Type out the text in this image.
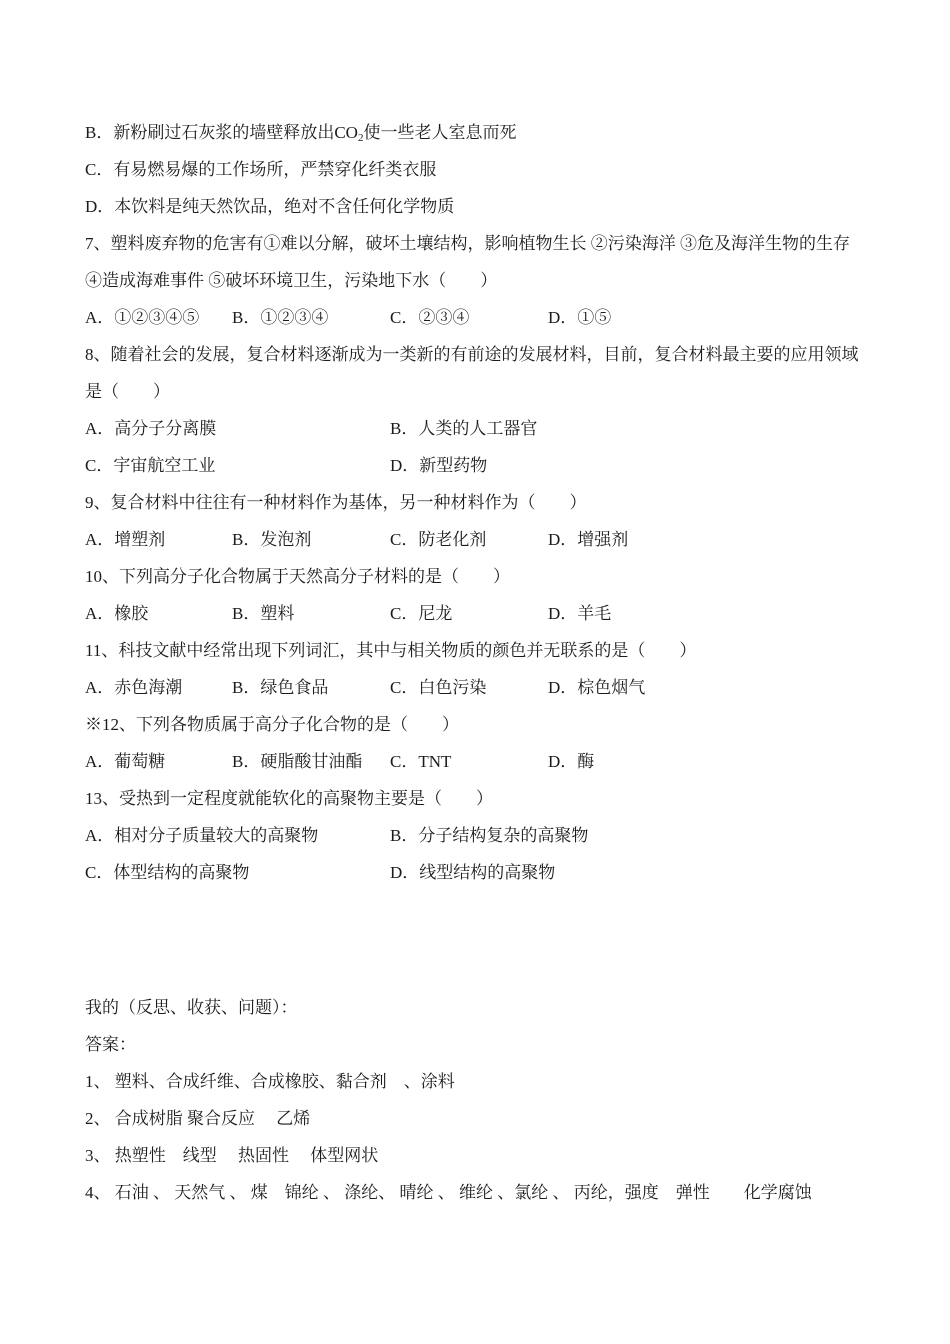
B．新粉刷过石灰浆的墙壁释放出$CO_2$使一些老人室息而死
C．有易燃易爆的工作场所，严禁穿化纤类衣服
D．本饮料是纯天然饮品，绝对不含任何化学物质
7、塑料废弃物的危害有①难以分解，破坏土壤结构，影响植物生长 ②污染海洋 ③危及海洋生物的生存
④造成海难事件 ⑤破坏环境卫生，污染地下水（　　）

A．①②③④⑤

B．①②③④

	C．②③④

	D．①⑤

8、随着社会的发展，复合材料逐渐成为一类新的有前途的发展材料，目前，复合材料最主要的应用领域
是（　　）

A．高分子分离膜

	B．人类的人工器官

C．宇宙航空工业

	D．新型药物

9、复合材料中往往有一种材料作为基体，另一种材料作为（　　）

A．增塑剂

	B．发泡剂

	C．防老化剂

	D．增强剂

10、下列高分子化合物属于天然高分子材料的是（　　）

A．橡胶

	B．塑料

	C．尼龙

	D．羊毛

11、科技文献中经常出现下列词汇，其中与相关物质的颜色并无联系的是（　　）

A．赤色海潮

	B．绿色食品

	C．白色污染

	D．棕色烟气

※12、下列各物质属于高分子化合物的是（　　）

A．葡萄糖

	B．硬脂酸甘油酯

C．TNT

	D．酶

13、受热到一定程度就能软化的高聚物主要是（　　）

A．相对分子质量较大的高聚物

	B．分子结构复杂的高聚物

C．体型结构的高聚物

	D．线型结构的高聚物

我的（反思、收获、问题）：
答案：
1、 塑料、合成纤维、合成橡胶、黏合剂　、涂料
2、 合成树脂 聚合反应　 乙烯
3、 热塑性　线型　 热固性　 体型网状
4、 石油 、 天然气 、 煤　锦纶 、 涤纶、 晴纶 、 维纶 、氯纶 、 丙纶，强度　弹性　　化学腐蚀
